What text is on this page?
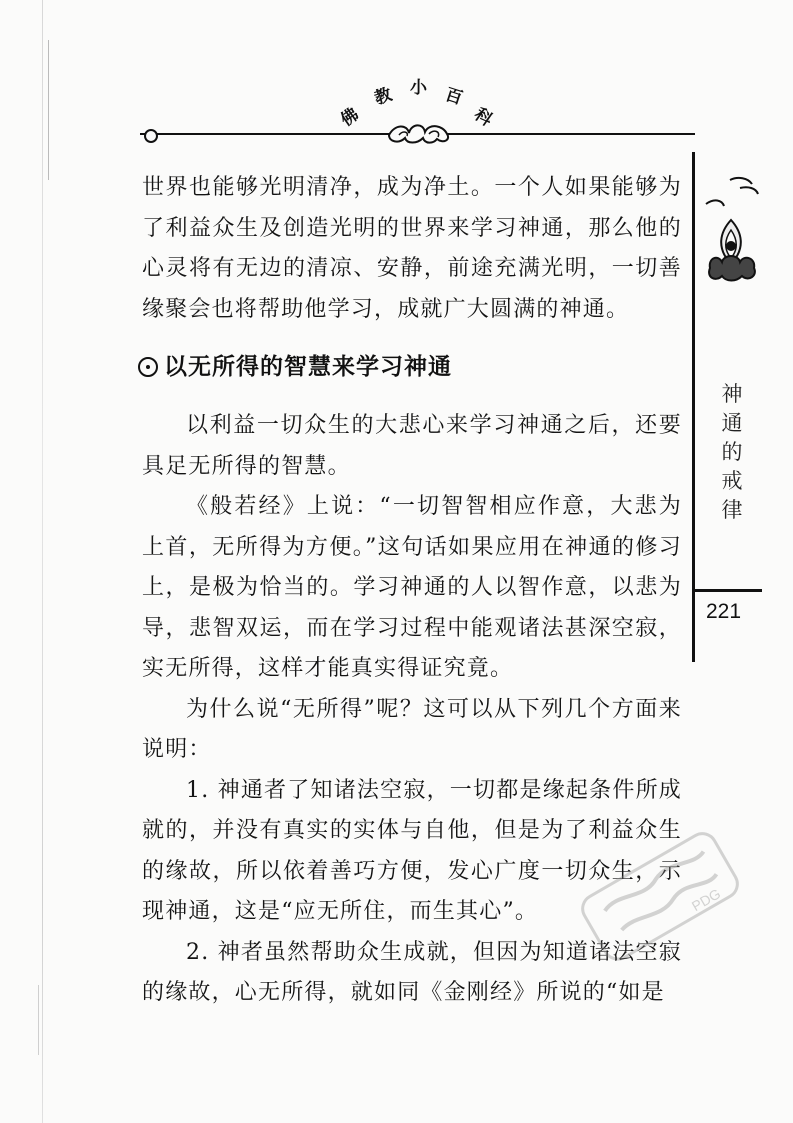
佛
教 小 百
科
神
通
的
戒
律
221

世界也能够光明清净，成为净土。一个人如果能够为了利益众生及创造光明的世界来学习神通，那么他的心灵将有无边的清凉、安静，前途充满光明，一切善缘聚会也将帮助他学习，成就广大圆满的神通。

以无所得的智慧来学习神通

以利益一切众生的大悲心来学习神通之后，还要具足无所得的智慧。

《般若经》上说：“一切智智相应作意，大悲为上首，无所得为方便。”这句话如果应用在神通的修习上，是极为恰当的。学习神通的人以智作意，以悲为导，悲智双运，而在学习过程中能观诸法甚深空寂，实无所得，这样才能真实得证究竟。

为什么说“无所得”呢？这可以从下列几个方面来说明：

1. 神通者了知诸法空寂，一切都是缘起条件所成就的，并没有真实的实体与自他，但是为了利益众生的缘故，所以依着善巧方便，发心广度一切众生，示现神通，这是“应无所住，而生其心”。

2. 神者虽然帮助众生成就，但因为知道诸法空寂的缘故，心无所得，就如同《金刚经》所说的“如是

PDG
